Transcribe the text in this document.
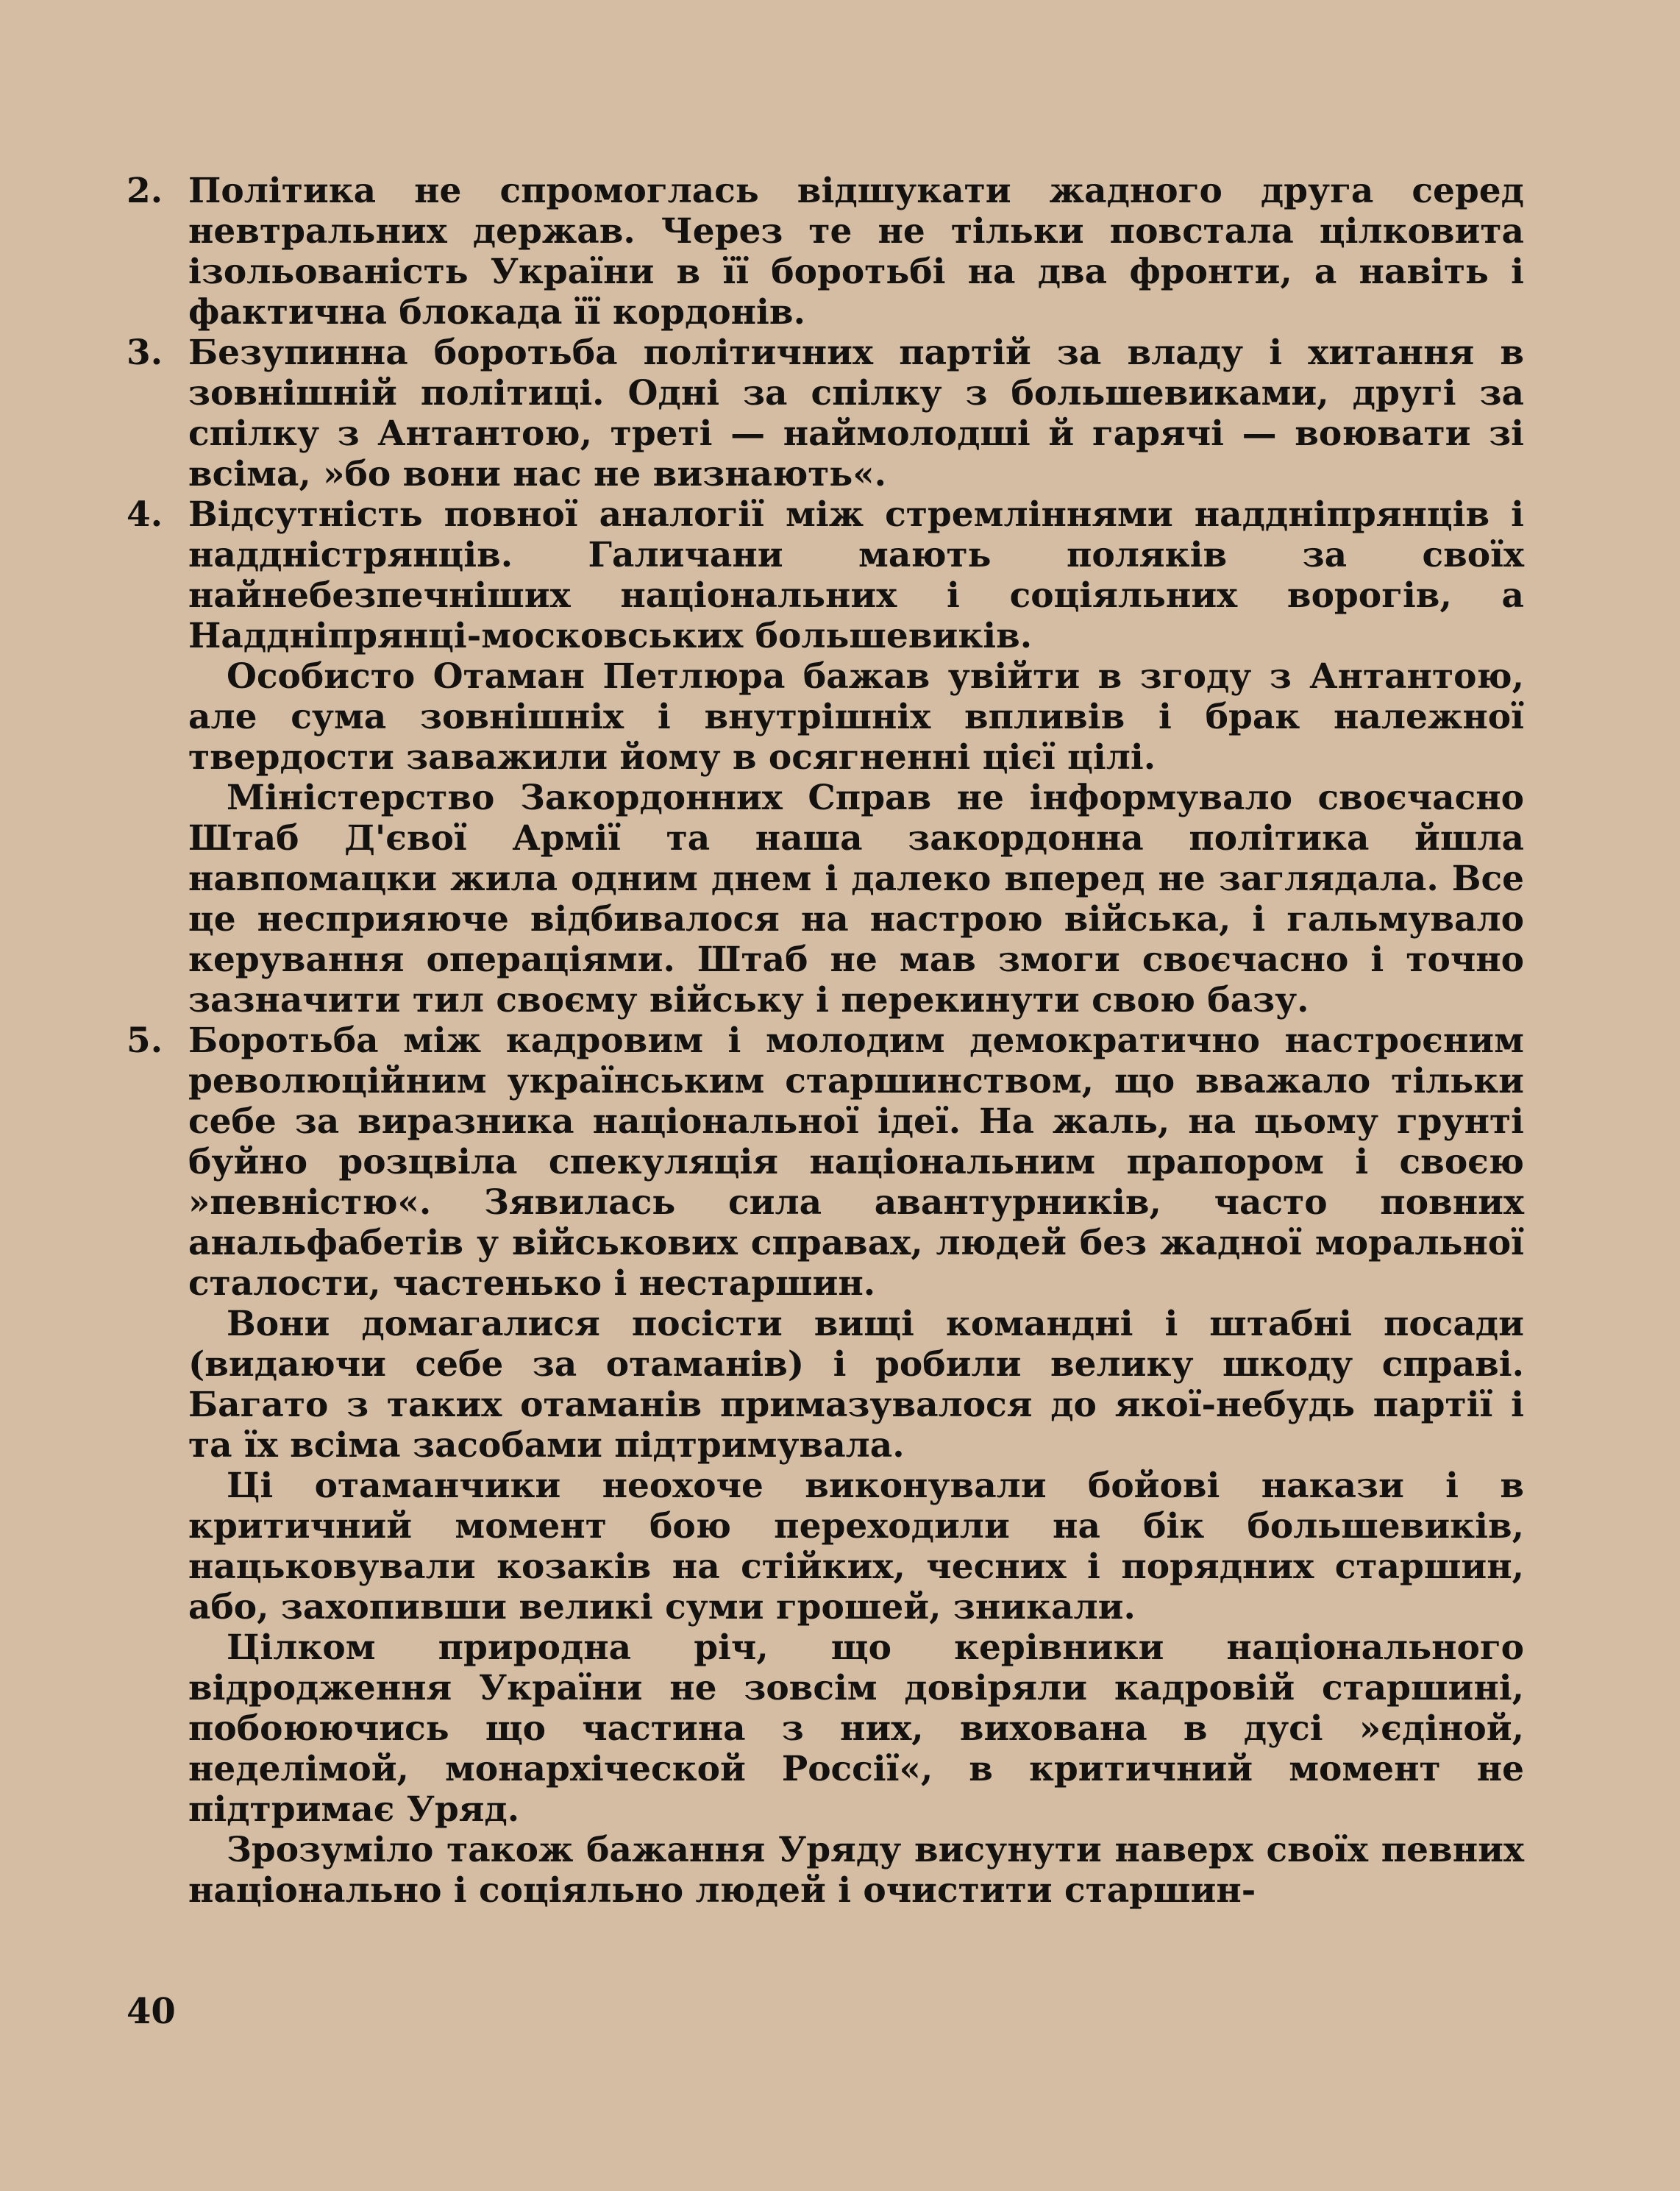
2. Політика не спромоглась відшукати жадного друга серед невтральних держав. Через те не тільки повстала цілковита ізольованість України в її боротьбі на два фронти, а навіть і фактична блокада її кордонів.

3. Безупинна боротьба політичних партій за владу і хитання в зовнішній політиці. Одні за спілку з большевиками, другі за спілку з Антантою, треті — наймолодші й гарячі — воювати зі всіма, »бо вони нас не визнають«.

4. Відсутність повної аналогії між стремліннями наддніпрянців і наддністрянців. Галичани мають поляків за своїх найнебезпечніших національних і соціяльних ворогів, а Наддніпрянці-московських большевиків.

Особисто Отаман Петлюра бажав увійти в згоду з Антантою, але сума зовнішніх і внутрішніх впливів і брак належної твердости заважили йому в осягненні цієї цілі.

Міністерство Закордонних Справ не інформувало своєчасно Штаб Д'євої Армії та наша закордонна політика йшла навпомацки жила одним днем і далеко вперед не заглядала. Все це несприяюче відбивалося на настрою війська, і гальмувало керування операціями. Штаб не мав змоги своєчасно і точно зазначити тил своєму війську і перекинути свою базу.

5. Боротьба між кадровим і молодим демократично настроєним революційним українським старшинством, що вважало тільки себе за виразника національної ідеї. На жаль, на цьому грунті буйно розцвіла спекуляція національним прапором і своєю »певністю«. Зявилась сила авантурників, часто повних анальфабетів у військових справах, людей без жадної моральної сталости, частенько і нестаршин.

Вони домагалися посісти вищі командні і штабні посади (видаючи себе за отаманів) і робили велику шкоду справі. Багато з таких отаманів примазувалося до якої-небудь партії і та їх всіма засобами підтримувала.

Ці отаманчики неохоче виконували бойові накази і в критичний момент бою переходили на бік большевиків, нацьковували козаків на стійких, чесних і порядних старшин, або, захопивши великі суми грошей, зникали.

Цілком природна річ, що керівники національного відродження України не зовсім довіряли кадровій старшині, побоюючись що частина з них, вихована в дусі »єдіной, неделімой, монархіческой Россії«, в критичний момент не підтримає Уряд.

Зрозуміло також бажання Уряду висунути наверх своїх певних національно і соціяльно людей і очистити старшин-

40
